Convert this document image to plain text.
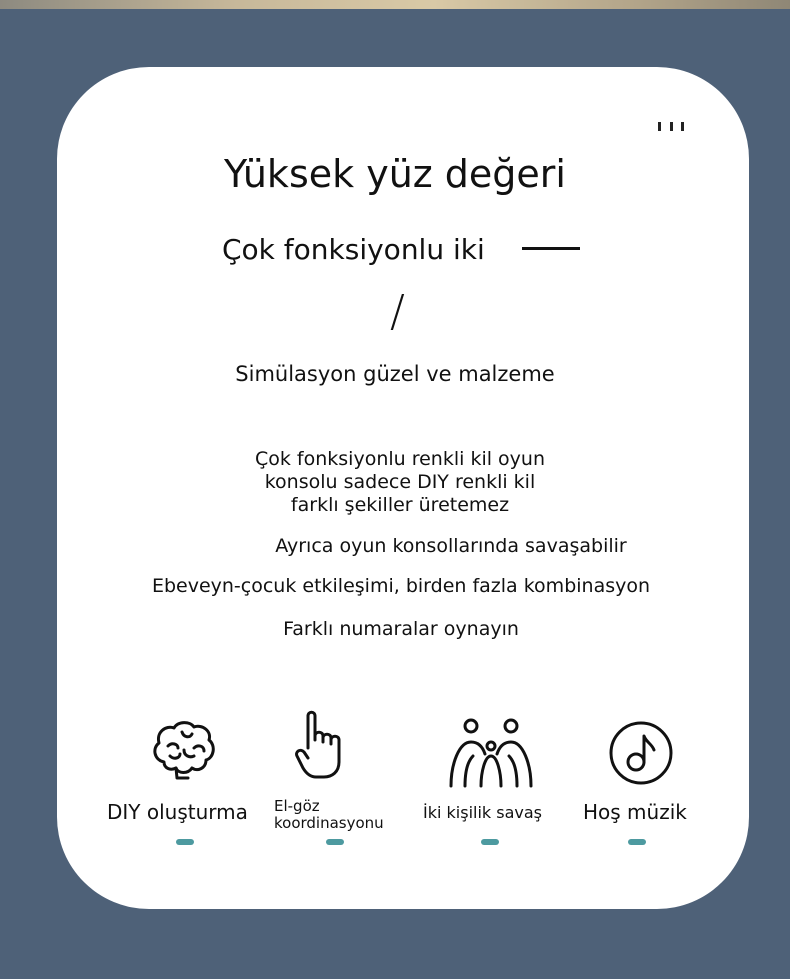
Yüksek yüz değeri
Çok fonksiyonlu iki
/
Simülasyon güzel ve malzeme
Çok fonksiyonlu renkli kil oyun
konsolu sadece DIY renkli kil
farklı şekiller üretemez
Ayrıca oyun konsollarında savaşabilir
Ebeveyn-çocuk etkileşimi, birden fazla kombinasyon
Farklı numaralar oynayın
DIY oluşturma El-göz
koordinasyonu
İki kişilik savaş Hoş müzik
